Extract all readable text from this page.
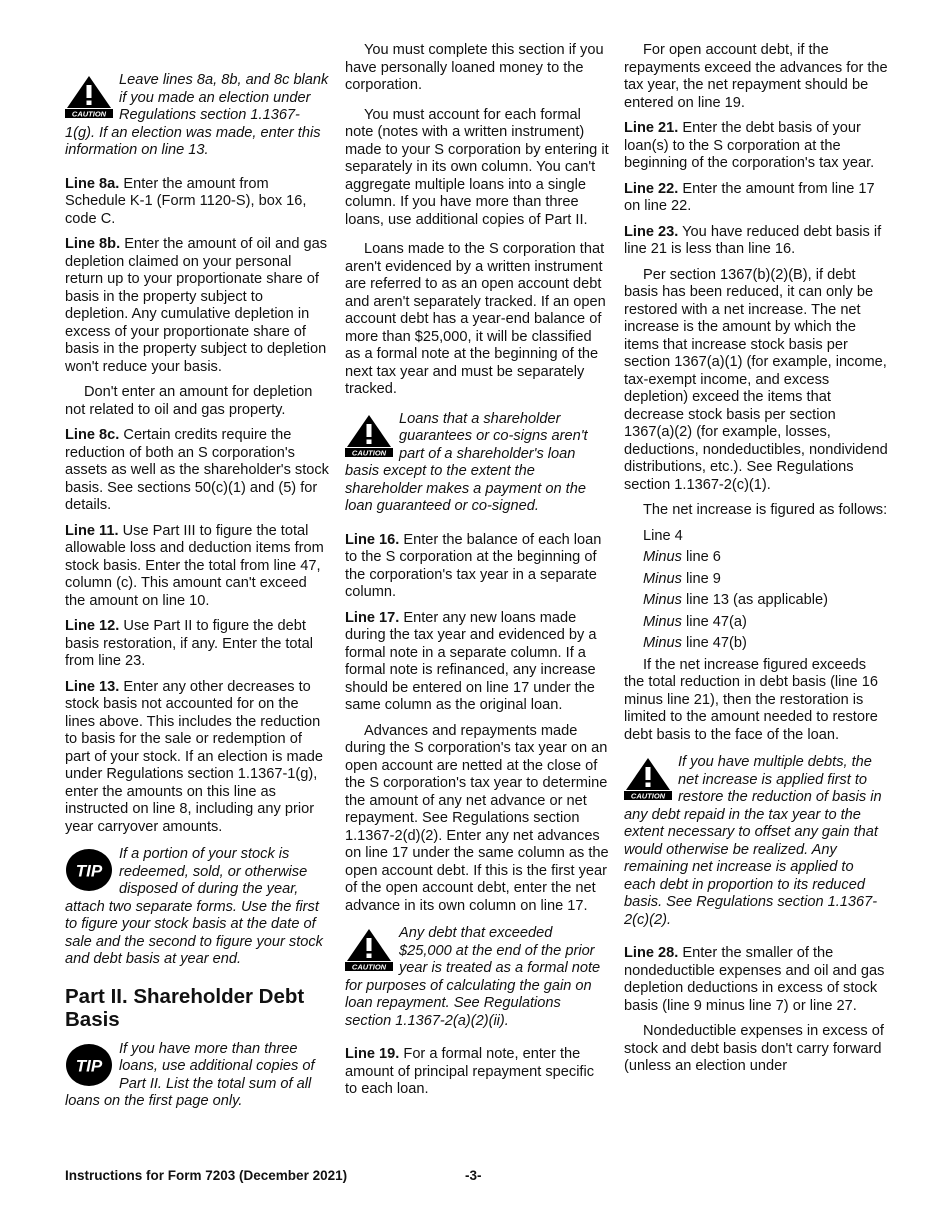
CAUTION
Leave lines 8a, 8b, and 8c blank if you made an election under Regulations section 1.1367-1(g). If an election was made, enter this information on line 13.

Line 8a. Enter the amount from Schedule K-1 (Form 1120-S), box 16, code C.

Line 8b. Enter the amount of oil and gas depletion claimed on your personal return up to your proportionate share of basis in the property subject to depletion. Any cumulative depletion in excess of your proportionate share of basis in the property subject to depletion won't reduce your basis.

Don't enter an amount for depletion not related to oil and gas property.

Line 8c. Certain credits require the reduction of both an S corporation's assets as well as the shareholder's stock basis. See sections 50(c)(1) and (5) for details.

Line 11. Use Part III to figure the total allowable loss and deduction items from stock basis. Enter the total from line 47, column (c). This amount can't exceed the amount on line 10.

Line 12. Use Part II to figure the debt basis restoration, if any. Enter the total from line 23.

Line 13. Enter any other decreases to stock basis not accounted for on the lines above. This includes the reduction to basis for the sale or redemption of part of your stock. If an election is made under Regulations section 1.1367-1(g), enter the amounts on this line as instructed on line 8, including any prior year carryover amounts.

TIP
If a portion of your stock is redeemed, sold, or otherwise disposed of during the year, attach two separate forms. Use the first to figure your stock basis at the date of sale and the second to figure your stock and debt basis at year end.
Part II. Shareholder Debt Basis
TIP
If you have more than three loans, use additional copies of Part II. List the total sum of all loans on the first page only.

You must complete this section if you have personally loaned money to the corporation.

You must account for each formal note (notes with a written instrument) made to your S corporation by entering it separately in its own column. You can't aggregate multiple loans into a single column. If you have more than three loans, use additional copies of Part II.

Loans made to the S corporation that aren't evidenced by a written instrument are referred to as an open account debt and aren't separately tracked. If an open account debt has a year-end balance of more than $25,000, it will be classified as a formal note at the beginning of the next tax year and must be separately tracked.

CAUTION
Loans that a shareholder guarantees or co-signs aren't part of a shareholder's loan basis except to the extent the shareholder makes a payment on the loan guaranteed or co-signed.

Line 16. Enter the balance of each loan to the S corporation at the beginning of the corporation's tax year in a separate column.

Line 17. Enter any new loans made during the tax year and evidenced by a formal note in a separate column. If a formal note is refinanced, any increase should be entered on line 17 under the same column as the original loan.

Advances and repayments made during the S corporation's tax year on an open account are netted at the close of the S corporation's tax year to determine the amount of any net advance or net repayment. See Regulations section 1.1367-2(d)(2). Enter any net advances on line 17 under the same column as the open account debt. If this is the first year of the open account debt, enter the net advance in its own column on line 17.

CAUTION
Any debt that exceeded $25,000 at the end of the prior year is treated as a formal note for purposes of calculating the gain on loan repayment. See Regulations section 1.1367-2(a)(2)(ii).

Line 19. For a formal note, enter the amount of principal repayment specific to each loan.

For open account debt, if the repayments exceed the advances for the tax year, the net repayment should be entered on line 19.

Line 21. Enter the debt basis of your loan(s) to the S corporation at the beginning of the corporation's tax year.

Line 22. Enter the amount from line 17 on line 22.

Line 23. You have reduced debt basis if line 21 is less than line 16.

Per section 1367(b)(2)(B), if debt basis has been reduced, it can only be restored with a net increase. The net increase is the amount by which the items that increase stock basis per section 1367(a)(1) (for example, income, tax-exempt income, and excess depletion) exceed the items that decrease stock basis per section 1367(a)(2) (for example, losses, deductions, nondeductibles, nondividend distributions, etc.). See Regulations section 1.1367-2(c)(1).

The net increase is figured as follows:

Line 4
Minus line 6
Minus line 9
Minus line 13 (as applicable)
Minus line 47(a)
Minus line 47(b)

If the net increase figured exceeds the total reduction in debt basis (line 16 minus line 21), then the restoration is limited to the amount needed to restore debt basis to the face of the loan.

CAUTION
If you have multiple debts, the net increase is applied first to restore the reduction of basis in any debt repaid in the tax year to the extent necessary to offset any gain that would otherwise be realized. Any remaining net increase is applied to each debt in proportion to its reduced basis. See Regulations section 1.1367-2(c)(2).

Line 28. Enter the smaller of the nondeductible expenses and oil and gas depletion deductions in excess of stock basis (line 9 minus line 7) or line 27.

Nondeductible expenses in excess of stock and debt basis don't carry forward (unless an election under

Instructions for Form 7203 (December 2021)	-3-
